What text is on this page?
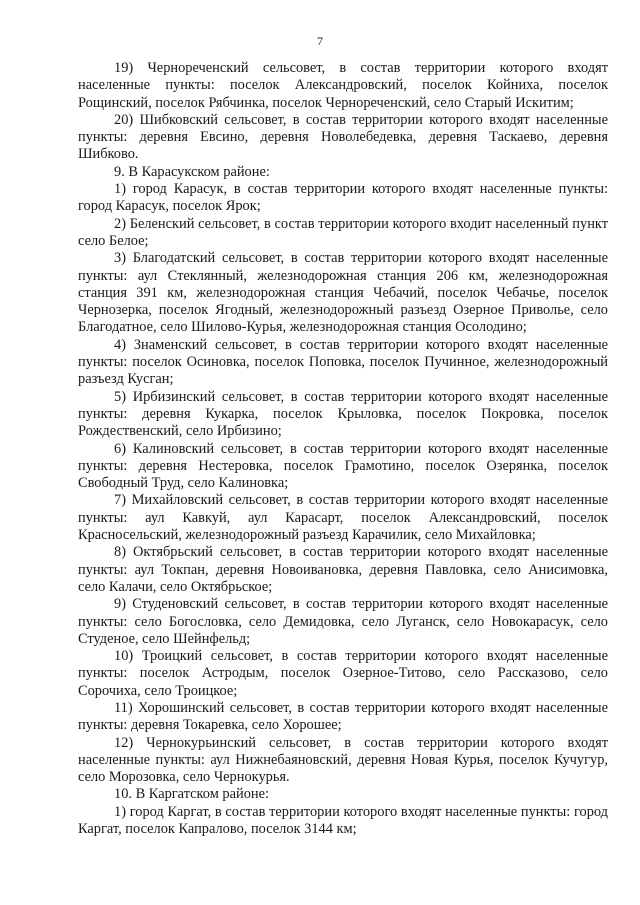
7

19) Чернореченский сельсовет, в состав территории которого входят населенные пункты: поселок Александровский, поселок Койниха, поселок Рощинский, поселок Рябчинка, поселок Чернореченский, село Старый Искитим;

20) Шибковский сельсовет, в состав территории которого входят населенные пункты: деревня Евсино, деревня Новолебедевка, деревня Таскаево, деревня Шибково.

9. В Карасукском районе:

1) город Карасук, в состав территории которого входят населенные пункты: город Карасук, поселок Ярок;

2) Беленский сельсовет, в состав территории которого входит населенный пункт село Белое;

3) Благодатский сельсовет, в состав территории которого входят населенные пункты: аул Стеклянный, железнодорожная станция 206 км, железнодорожная станция 391 км, железнодорожная станция Чебачий, поселок Чебачье, поселок Чернозерка, поселок Ягодный, железнодорожный разъезд Озерное Приволье, село Благодатное, село Шилово-Курья, железнодорожная станция Осолодино;

4) Знаменский сельсовет, в состав территории которого входят населенные пункты: поселок Осиновка, поселок Поповка, поселок Пучинное, железнодорожный разъезд Кусган;

5) Ирбизинский сельсовет, в состав территории которого входят населенные пункты: деревня Кукарка, поселок Крыловка, поселок Покровка, поселок Рождественский, село Ирбизино;

6) Калиновский сельсовет, в состав территории которого входят населенные пункты: деревня Нестеровка, поселок Грамотино, поселок Озерянка, поселок Свободный Труд, село Калиновка;

7) Михайловский сельсовет, в состав территории которого входят населенные пункты: аул Кавкуй, аул Карасарт, поселок Александровский, поселок Красносельский, железнодорожный разъезд Карачилик, село Михайловка;

8) Октябрьский сельсовет, в состав территории которого входят населенные пункты: аул Токпан, деревня Новоивановка, деревня Павловка, село Анисимовка, село Калачи, село Октябрьское;

9) Студеновский сельсовет, в состав территории которого входят населенные пункты: село Богословка, село Демидовка, село Луганск, село Новокарасук, село Студеное, село Шейнфельд;

10) Троицкий сельсовет, в состав территории которого входят населенные пункты: поселок Астродым, поселок Озерное-Титово, село Рассказово, село Сорочиха, село Троицкое;

11) Хорошинский сельсовет, в состав территории которого входят населенные пункты: деревня Токаревка, село Хорошее;

12) Чернокурьинский сельсовет, в состав территории которого входят населенные пункты: аул Нижнебаяновский, деревня Новая Курья, поселок Кучугур, село Морозовка, село Чернокурья.

10. В Каргатском районе:

1) город Каргат, в состав территории которого входят населенные пункты: город Каргат, поселок Капралово, поселок 3144 км;
